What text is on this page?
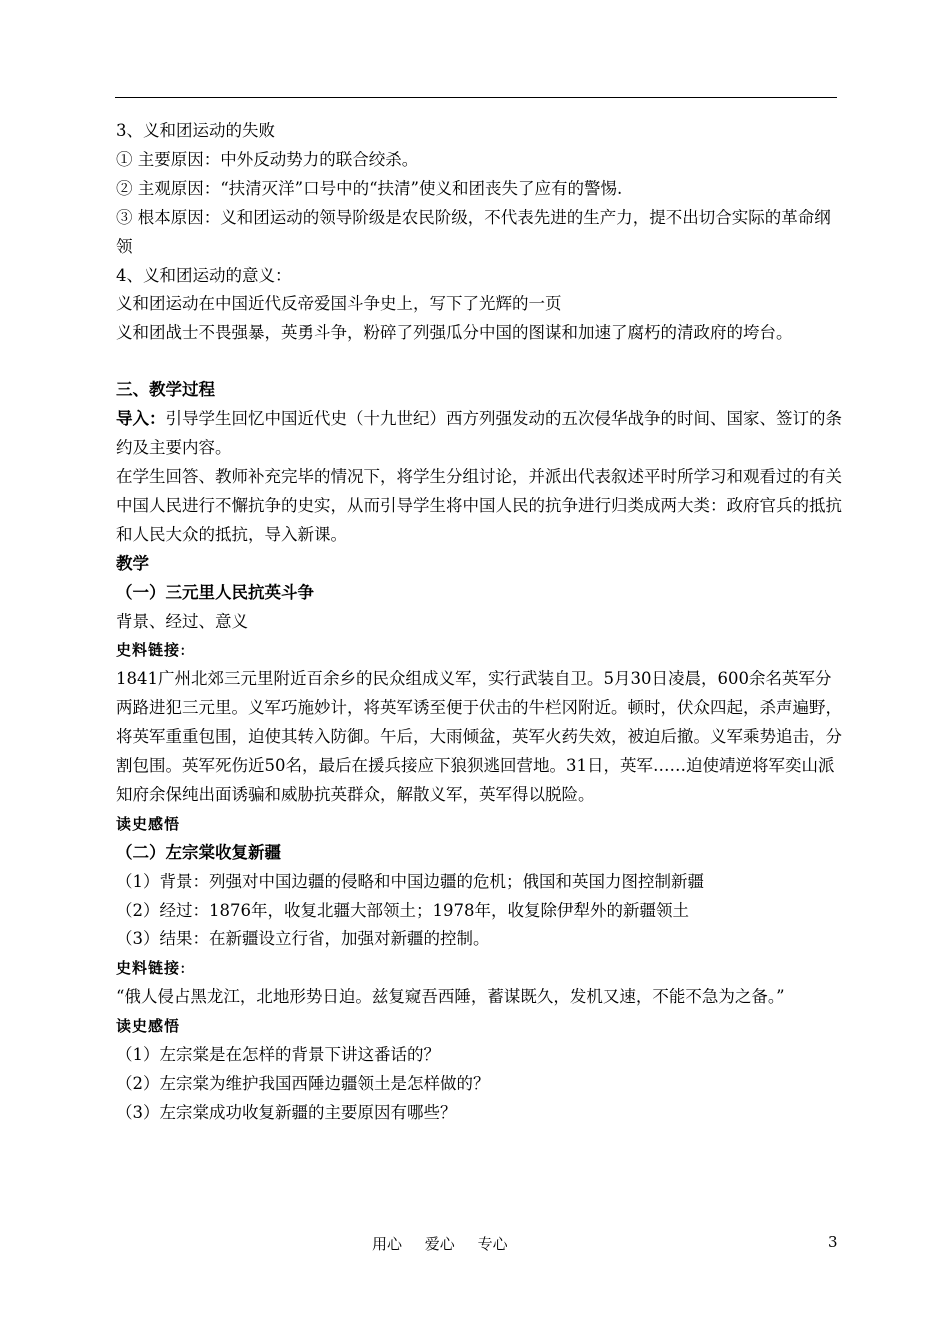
3、义和团运动的失败

① 主要原因：中外反动势力的联合绞杀。

② 主观原因：“扶清灭洋”口号中的“扶清”使义和团丧失了应有的警惕.

③ 根本原因：义和团运动的领导阶级是农民阶级，不代表先进的生产力，提不出切合实际的革命纲领

4、义和团运动的意义：

义和团运动在中国近代反帝爱国斗争史上，写下了光辉的一页

义和团战士不畏强暴，英勇斗争，粉碎了列强瓜分中国的图谋和加速了腐朽的清政府的垮台。

三、教学过程

导入：引导学生回忆中国近代史（十九世纪）西方列强发动的五次侵华战争的时间、国家、签订的条约及主要内容。

在学生回答、教师补充完毕的情况下，将学生分组讨论，并派出代表叙述平时所学习和观看过的有关中国人民进行不懈抗争的史实，从而引导学生将中国人民的抗争进行归类成两大类：政府官兵的抵抗和人民大众的抵抗，导入新课。

教学

（一）三元里人民抗英斗争

背景、经过、意义

史料链接:

1841广州北郊三元里附近百余乡的民众组成义军，实行武装自卫。5月30日凌晨，600余名英军分两路进犯三元里。义军巧施妙计，将英军诱至便于伏击的牛栏冈附近。顿时，伏众四起，杀声遍野，将英军重重包围，迫使其转入防御。午后，大雨倾盆，英军火药失效，被迫后撤。义军乘势追击，分割包围。英军死伤近50名，最后在援兵接应下狼狈逃回营地。31日，英军……迫使靖逆将军奕山派知府余保纯出面诱骗和威胁抗英群众，解散义军，英军得以脱险。

读史感悟

（二）左宗棠收复新疆

（1）背景：列强对中国边疆的侵略和中国边疆的危机；俄国和英国力图控制新疆

（2）经过：1876年，收复北疆大部领土；1978年，收复除伊犁外的新疆领土

（3）结果：在新疆设立行省，加强对新疆的控制。

史料链接:

“俄人侵占黑龙江，北地形势日迫。兹复窥吾西陲，蓄谋既久，发机又速，不能不急为之备。”

读史感悟

（1）左宗棠是在怎样的背景下讲这番话的？

（2）左宗棠为维护我国西陲边疆领土是怎样做的？

（3）左宗棠成功收复新疆的主要原因有哪些？

用心 爱心 专心	3
